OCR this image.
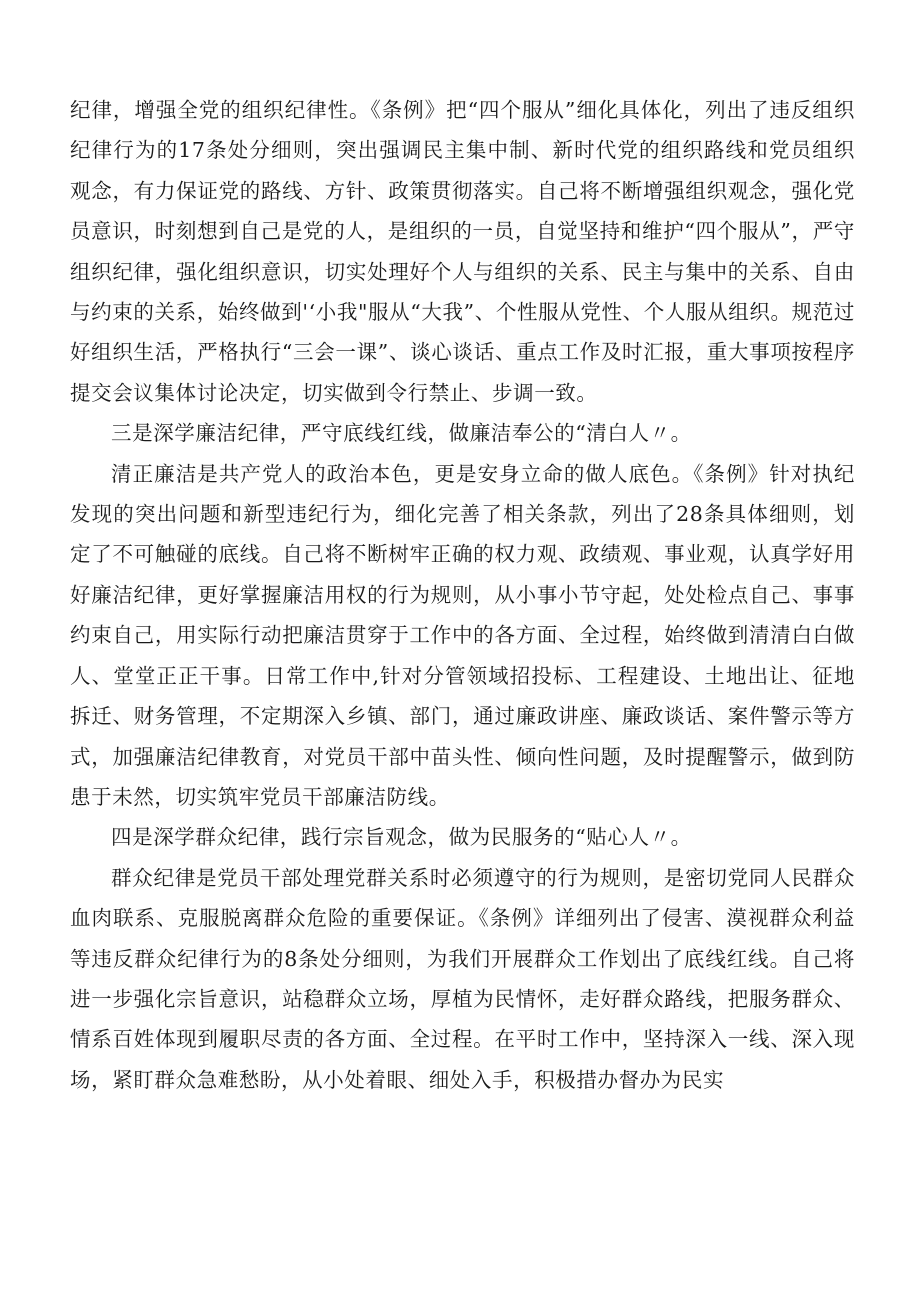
纪律，增强全党的组织纪律性。《条例》把“四个服从”细化具体化，列出了违反组织纪律行为的17条处分细则，突出强调民主集中制、新时代党的组织路线和党员组织观念，有力保证党的路线、方针、政策贯彻落实。自己将不断增强组织观念，强化党员意识，时刻想到自己是党的人，是组织的一员，自觉坚持和维护“四个服从”，严守组织纪律，强化组织意识，切实处理好个人与组织的关系、民主与集中的关系、自由与约束的关系，始终做到'‘小我"服从“大我”、个性服从党性、个人服从组织。规范过好组织生活，严格执行“三会一课”、谈心谈话、重点工作及时汇报，重大事项按程序提交会议集体讨论决定，切实做到令行禁止、步调一致。

三是深学廉洁纪律，严守底线红线，做廉洁奉公的“清白人〃。

清正廉洁是共产党人的政治本色，更是安身立命的做人底色。《条例》针对执纪发现的突出问题和新型违纪行为，细化完善了相关条款，列出了28条具体细则，划定了不可触碰的底线。自己将不断树牢正确的权力观、政绩观、事业观，认真学好用好廉洁纪律，更好掌握廉洁用权的行为规则，从小事小节守起，处处检点自己、事事约束自己，用实际行动把廉洁贯穿于工作中的各方面、全过程，始终做到清清白白做人、堂堂正正干事。日常工作中,针对分管领域招投标、工程建设、土地出让、征地拆迁、财务管理，不定期深入乡镇、部门，通过廉政讲座、廉政谈话、案件警示等方式，加强廉洁纪律教育，对党员干部中苗头性、倾向性问题，及时提醒警示，做到防患于未然，切实筑牢党员干部廉洁防线。

四是深学群众纪律，践行宗旨观念，做为民服务的“贴心人〃。

群众纪律是党员干部处理党群关系时必须遵守的行为规则，是密切党同人民群众血肉联系、克服脱离群众危险的重要保证。《条例》详细列出了侵害、漠视群众利益等违反群众纪律行为的8条处分细则，为我们开展群众工作划出了底线红线。自己将进一步强化宗旨意识，站稳群众立场，厚植为民情怀，走好群众路线，把服务群众、情系百姓体现到履职尽责的各方面、全过程。在平时工作中，坚持深入一线、深入现场，紧盯群众急难愁盼，从小处着眼、细处入手，积极措办督办为民实
